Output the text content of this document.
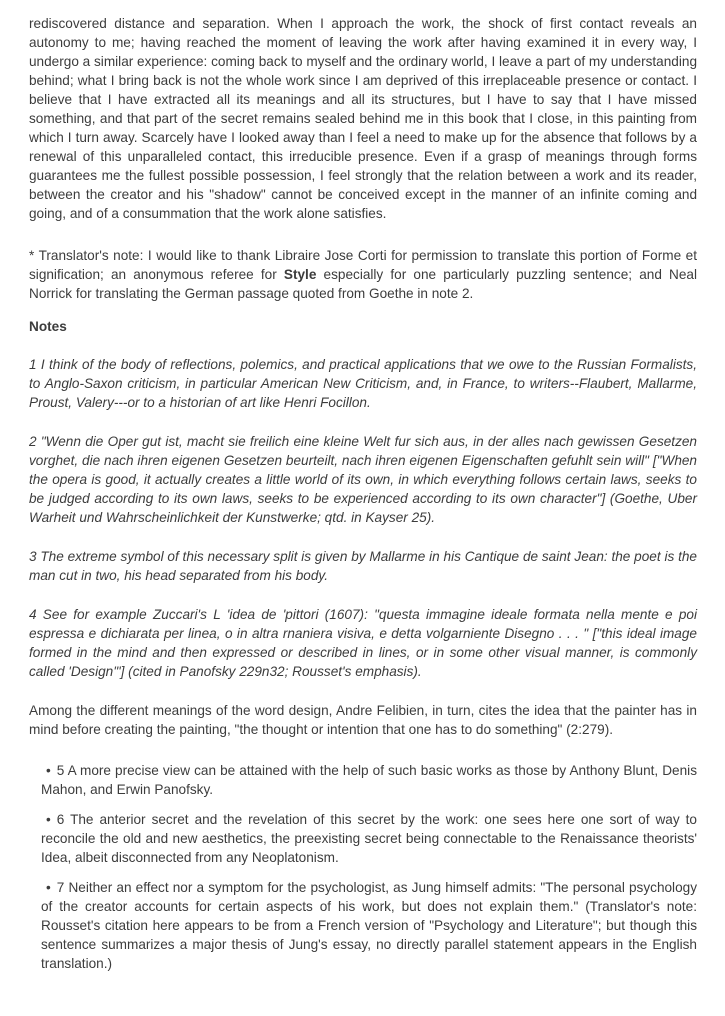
rediscovered distance and separation. When I approach the work, the shock of first contact reveals an autonomy to me; having reached the moment of leaving the work after having examined it in every way, I undergo a similar experience: coming back to myself and the ordinary world, I leave a part of my understanding behind; what I bring back is not the whole work since I am deprived of this irreplaceable presence or contact. I believe that I have extracted all its meanings and all its structures, but I have to say that I have missed something, and that part of the secret remains sealed behind me in this book that I close, in this painting from which I turn away. Scarcely have I looked away than I feel a need to make up for the absence that follows by a renewal of this unparalleled contact, this irreducible presence. Even if a grasp of meanings through forms guarantees me the fullest possible possession, I feel strongly that the relation between a work and its reader, between the creator and his "shadow" cannot be conceived except in the manner of an infinite coming and going, and of a consummation that the work alone satisfies.

* Translator's note: I would like to thank Libraire Jose Corti for permission to translate this portion of Forme et signification; an anonymous referee for Style especially for one particularly puzzling sentence; and Neal Norrick for translating the German passage quoted from Goethe in note 2.

Notes

1 I think of the body of reflections, polemics, and practical applications that we owe to the Russian Formalists, to Anglo-Saxon criticism, in particular American New Criticism, and, in France, to writers--Flaubert, Mallarme, Proust, Valery---or to a historian of art like Henri Focillon.

2 "Wenn die Oper gut ist, macht sie freilich eine kleine Welt fur sich aus, in der alles nach gewissen Gesetzen vorghet, die nach ihren eigenen Gesetzen beurteilt, nach ihren eigenen Eigenschaften gefuhlt sein will" ["When the opera is good, it actually creates a little world of its own, in which everything follows certain laws, seeks to be judged according to its own laws, seeks to be experienced according to its own character"] (Goethe, Uber Warheit und Wahrscheinlichkeit der Kunstwerke; qtd. in Kayser 25).

3 The extreme symbol of this necessary split is given by Mallarme in his Cantique de saint Jean: the poet is the man cut in two, his head separated from his body.

4 See for example Zuccari's L 'idea de 'pittori (1607): "questa immagine ideale formata nella mente e poi espressa e dichiarata per linea, o in altra rnaniera visiva, e detta volgarniente Disegno . . . " ["this ideal image formed in the mind and then expressed or described in lines, or in some other visual manner, is commonly called 'Design'"] (cited in Panofsky 229n32; Rousset's emphasis).

Among the different meanings of the word design, Andre Felibien, in turn, cites the idea that the painter has in mind before creating the painting, "the thought or intention that one has to do something" (2:279).

• 5 A more precise view can be attained with the help of such basic works as those by Anthony Blunt, Denis Mahon, and Erwin Panofsky.

• 6 The anterior secret and the revelation of this secret by the work: one sees here one sort of way to reconcile the old and new aesthetics, the preexisting secret being connectable to the Renaissance theorists' Idea, albeit disconnected from any Neoplatonism.

• 7 Neither an effect nor a symptom for the psychologist, as Jung himself admits: "The personal psychology of the creator accounts for certain aspects of his work, but does not explain them." (Translator's note: Rousset's citation here appears to be from a French version of "Psychology and Literature"; but though this sentence summarizes a major thesis of Jung's essay, no directly parallel statement appears in the English translation.)
